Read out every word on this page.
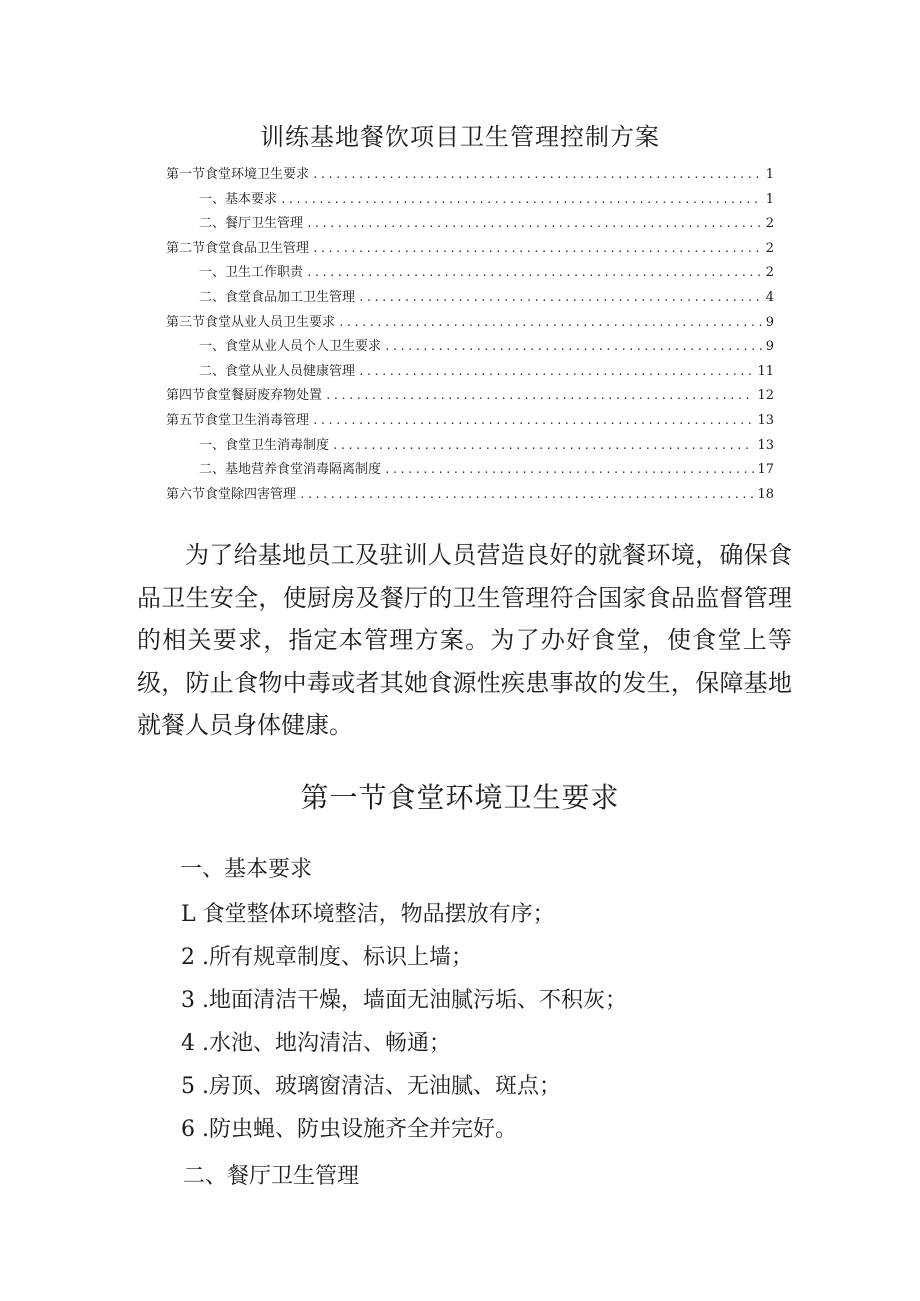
训练基地餐饮项目卫生管理控制方案
第一节食堂环境卫生要求 .....	1
一、基本要求 .....	1
二、餐厅卫生管理 .....	2
第二节食堂食品卫生管理 .....	2
一、卫生工作职责 .....	2
二、食堂食品加工卫生管理 .....	4
第三节食堂从业人员卫生要求 .....	9
一、食堂从业人员个人卫生要求 .....	9
二、食堂从业人员健康管理 .....	11
第四节食堂餐厨废弃物处置 .....	12
第五节食堂卫生消毒管理 .....	13
一、食堂卫生消毒制度 .....	13
二、基地营养食堂消毒隔离制度 .....	17
第六节食堂除四害管理 .....	18

为了给基地员工及驻训人员营造良好的就餐环境，确保食品卫生安全，使厨房及餐厅的卫生管理符合国家食品监督管理的相关要求，指定本管理方案。为了办好食堂，使食堂上等级，防止食物中毒或者其她食源性疾患事故的发生，保障基地就餐人员身体健康。

第一节食堂环境卫生要求
一、基本要求
L 食堂整体环境整洁，物品摆放有序；
2 .所有规章制度、标识上墙；
3 .地面清洁干燥，墙面无油腻污垢、不积灰；
4 .水池、地沟清洁、畅通；
5 .房顶、玻璃窗清洁、无油腻、斑点；
6 .防虫蝇、防虫设施齐全并完好。
二、餐厅卫生管理
